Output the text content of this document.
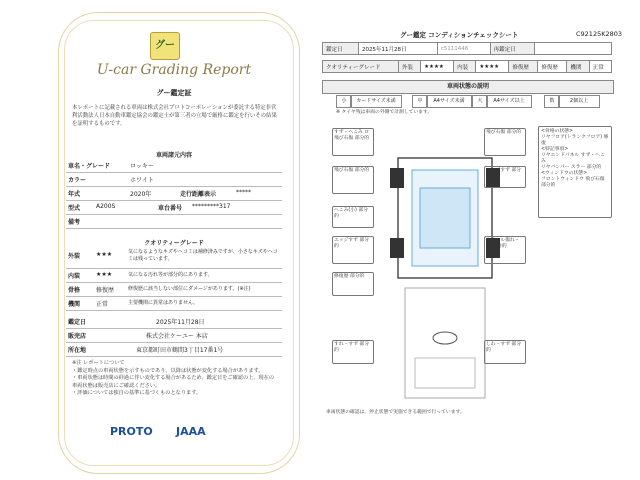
グー
U-car Grading Report
グー鑑定証
本レポートに記載される車両は株式会社プロトコーポレーションが委託する特定非営利活動法人日本自動車鑑定協会の鑑定士が第三者の立場で厳格に鑑定を行いその結果を証明するものです。
車両諸元内容
車名・グレード	ロッキー
カラー	ホワイト
年式	2020年	走行距離表示	*****
型式	A200S	車台番号 *********317
備考
クオリティーグレード
外装	★★★	気になるようなキズやヘコミは補修済みですが、小さなキズやヘコミは残っています。
内装	★★★	気になる汚れ等が部分的にあります。
骨格	修復歴	修復歴に該当しない部位にダメージがあります。(※注)
機関	正常	主要機関に異常はありません。
鑑定日	2025年11月28日
販売店	株式会社ケーユー 本店
所在地	東京都町田市鶴間3丁目17番1号
※注 レポートについて
・鑑定時点の車両状態を示すものであり、以降は状態が変化する場合があります。
・車両状態は時間の経過に伴い変化する場合があるため、鑑定日をご確認の上、現在の車両状態は販売店にご確認ください。
・評価については独自の基準に基づくものとなります。
PROTO JAAA
グー鑑定 コンディションチェックシート	C92125K2803
鑑定日	2025年11月28日	c5111446	再鑑定日	
クオリティーグレード	外装	★★★★	内装	★★★★	修復歴	修復歴	機関	正常
車両状態の説明
小	カードサイズ未満	中	A4サイズ未満	大	A4サイズ以上	数	2個以上
※ タイヤ残は車両の外側で計測しています。
すず・へこみ ロ 飛び石傷 部分的
飛び石傷 部分的
へこみ(小) 部分的
エッジすず 部分的
修復歴 部分的
すれ・すず 部分的
飛び石傷 部分的
エッジすず 部分的
ホイール傷れ・傷 部分的
しわ・すず 部分的
<骨格の状態>
リヤフロア(トランクフロア) 修復
<特記事項>
リヤエンドパネル すず・へこみ
リヤバンパー スラー 部分的
<ウィンドウの状態>
フロントウィンドウ 飛び石傷 部分的
車両状態の確認は、停止状態で実施できる範囲で行っています。
